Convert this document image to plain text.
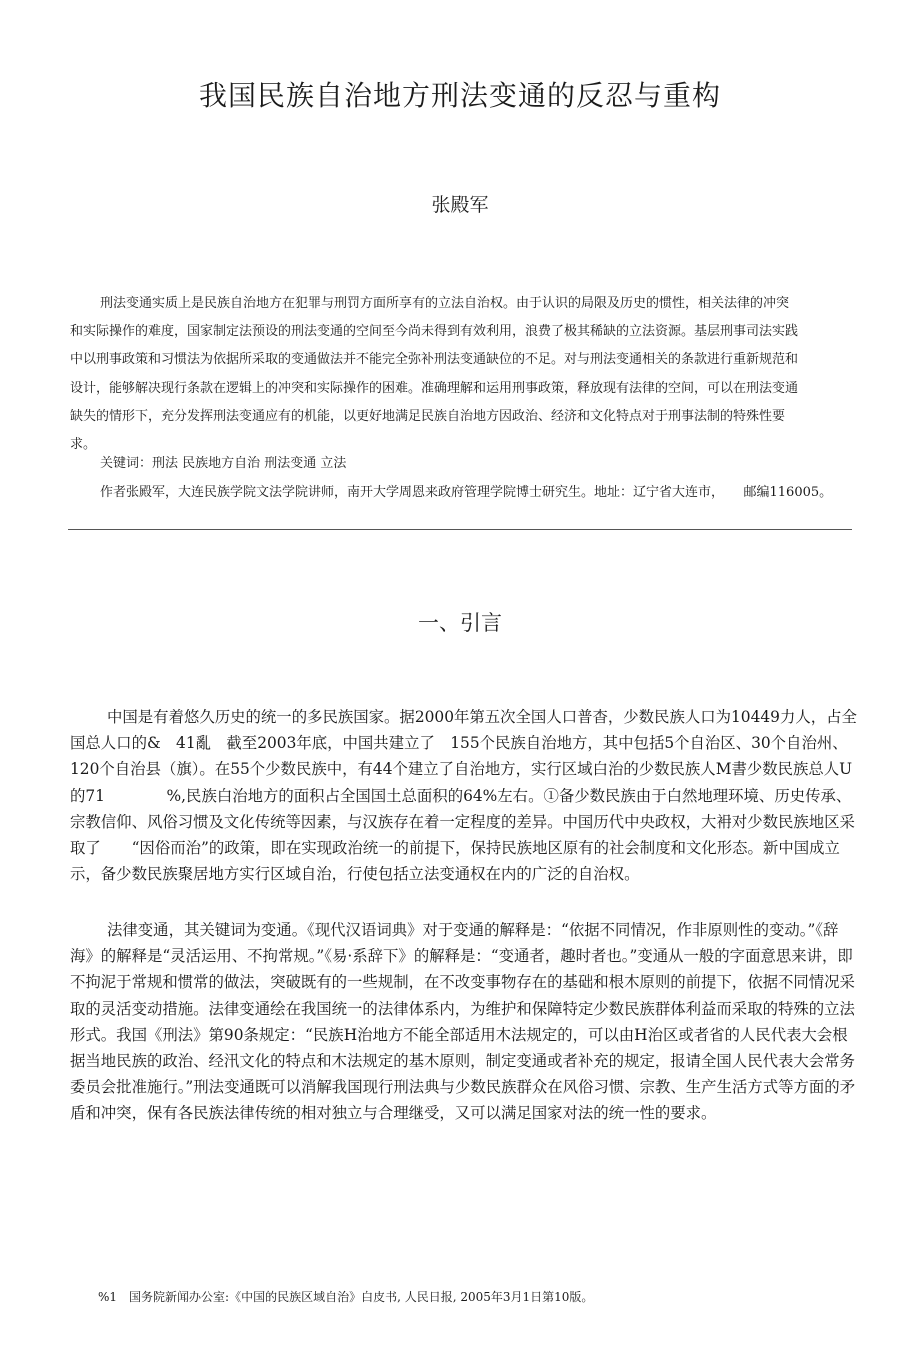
我国民族自治地方刑法变通的反忍与重构
张殿军

刑法变通实质上是民族自治地方在犯罪与刑罚方面所享有的立法自治权。由于认识的局限及历史的惯性，相关法律的冲突和实际操作的难度，国家制定法预设的刑法变通的空间至今尚未得到有效利用，浪费了极其稀缺的立法资源。基层刑事司法实践中以刑事政策和习惯法为依据所采取的变通做法并不能完全弥补刑法变通缺位的不足。对与刑法变通相关的条款进行重新规范和设计，能够解决现行条款在逻辑上的冲突和实际操作的困难。准确理解和运用刑事政策，释放现有法律的空间，可以在刑法变通缺失的情形下，充分发挥刑法变通应有的机能，以更好地满足民族自治地方因政治、经济和文化特点对于刑事法制的特殊性要求。

关键词：刑法 民族地方自治 刑法变通 立法

作者张殿军，大连民族学院文法学院讲师，南开大学周恩来政府管理学院博士研究生。地址：辽宁省大连市，　　邮编116005。

一、引言

中国是有着悠久历史的统一的多民族国家。据2000年第五次全国人口普杳，少数民族人口为10449力人，占全国总人口的&　41亂　截至2003年底，中国共建立了　155个民族自治地方，其中包括5个自治区、30个自治州、120个自治县（旗）。在55个少数民族中，有44个建立了自治地方，实行区域白治的少数民族人M書少数民族总人U的71　　　　%,民族白治地方的面积占全国国土总面积的64%左右。①备少数民族由于白然地理环境、历史传承、宗教信仰、风俗习惯及文化传统等因素，与汉族存在着一定程度的差异。中国历代中央政权，大衻对少数民族地区采取了　　“因俗而治”的政策，即在实现政治统一的前提下，保持民族地区原有的社会制度和文化形态。新中国成立示，备少数民族聚居地方实行区域自治，行使包括立法变通权在内的广泛的自治权。

法律变通，其关键词为变通。《现代汉语词典》对于变通的解释是：“依据不同情况，作非原则性的变动。”《辞海》的解释是“灵活运用、不拘常规。”《易·系辞下》的解释是：“变通者，趣时者也。”变通从一般的字面意思来讲，即不拘泥于常规和惯常的做法，突破既有的一些规制，在不改变事物存在的基础和根木原则的前提下，依据不同情况采取的灵活变动措施。法律变通绘在我国统一的法律体系内，为维护和保障特定少数民族群体利益而采取的特殊的立法形式。我国《刑法》第90条规定：“民族H治地方不能全部适用木法规定的，可以由H治区或者省的人民代表大会根据当地民族的政治、经汛文化的特点和木法规定的基木原则，制定变通或者补充的规定，报请全国人民代表大会常务委员会批准施行。”刑法变通既可以消解我国现行刑法典与少数民族群众在风俗习惯、宗教、生产生活方式等方面的矛盾和冲突，保有各民族法律传统的相对独立与合理继受，又可以满足国家对法的统一性的要求。

%1　国务院新闻办公室:《中国的民族区域自治》白皮书, 人民日报, 2005年3月1日第10版。
